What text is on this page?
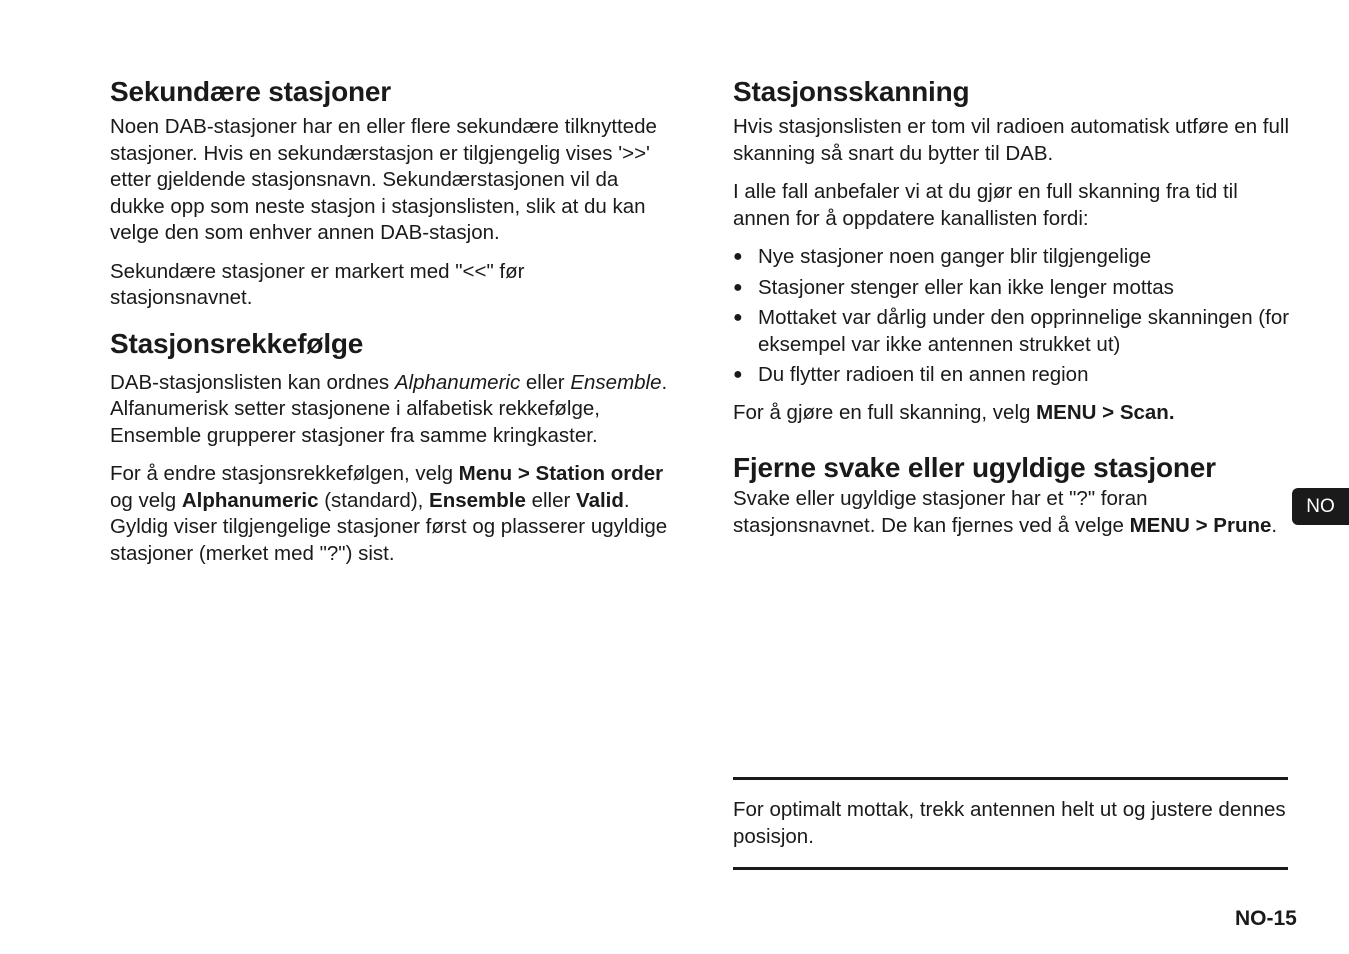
Sekundære stasjoner

Noen DAB-stasjoner har en eller flere sekundære tilknyttede stasjoner. Hvis en sekundærstasjon er tilgjengelig vises '>>' etter gjeldende stasjonsnavn. Sekundærstasjonen vil da dukke opp som neste stasjon i stasjonslisten, slik at du kan velge den som enhver annen DAB-stasjon.

Sekundære stasjoner er markert med "<<" før stasjonsnavnet.

Stasjonsrekkefølge

DAB-stasjonslisten kan ordnes Alphanumeric eller Ensemble. Alfanumerisk setter stasjonene i alfabetisk rekkefølge, Ensemble grupperer stasjoner fra samme kringkaster.

For å endre stasjonsrekkefølgen, velg Menu > Station order og velg Alphanumeric (standard), Ensemble eller Valid. Gyldig viser tilgjengelige stasjoner først og plasserer ugyldige stasjoner (merket med "?") sist.

Stasjonsskanning

Hvis stasjonslisten er tom vil radioen automatisk utføre en full skanning så snart du bytter til DAB.

I alle fall anbefaler vi at du gjør en full skanning fra tid til annen for å oppdatere kanallisten fordi:

● Nye stasjoner noen ganger blir tilgjengelige
● Stasjoner stenger eller kan ikke lenger mottas
● Mottaket var dårlig under den opprinnelige skanningen (for eksempel var ikke antennen strukket ut)
● Du flytter radioen til en annen region

For å gjøre en full skanning, velg MENU > Scan.

Fjerne svake eller ugyldige stasjoner

Svake eller ugyldige stasjoner har et "?" foran stasjonsnavnet. De kan fjernes ved å velge MENU > Prune.

NO

For optimalt mottak, trekk antennen helt ut og justere dennes posisjon.

NO-15
